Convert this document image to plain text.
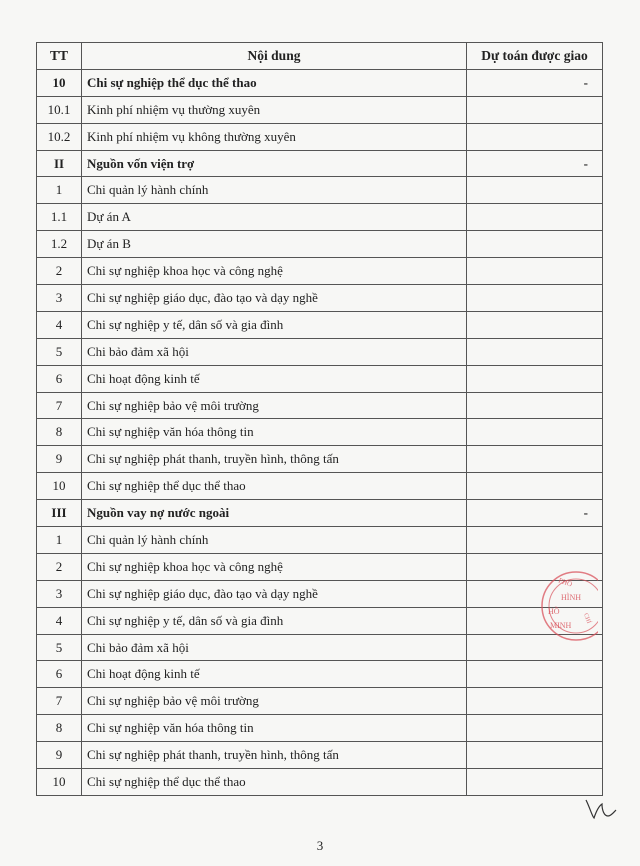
TT	Nội dung	Dự toán được giao
10	Chi sự nghiệp thể dục thể thao	-
10.1	Kinh phí nhiệm vụ thường xuyên	
10.2	Kinh phí nhiệm vụ không thường xuyên	
II	Nguồn vốn viện trợ	-
1	Chi quản lý hành chính	
1.1	Dự án A	
1.2	Dự án B	
2	Chi sự nghiệp khoa học và công nghệ	
3	Chi sự nghiệp giáo dục, đào tạo và dạy nghề	
4	Chi sự nghiệp y tế, dân số và gia đình	
5	Chi bảo đảm xã hội	
6	Chi hoạt động kinh tế	
7	Chi sự nghiệp bảo vệ môi trường	
8	Chi sự nghiệp văn hóa thông tin	
9	Chi sự nghiệp phát thanh, truyền hình, thông tấn	
10	Chi sự nghiệp thể dục thể thao	
III	Nguồn vay nợ nước ngoài	-
1	Chi quản lý hành chính	
2	Chi sự nghiệp khoa học và công nghệ	
3	Chi sự nghiệp giáo dục, đào tạo và dạy nghề	
4	Chi sự nghiệp y tế, dân số và gia đình	
5	Chi bảo đảm xã hội	
6	Chi hoạt động kinh tế	
7	Chi sự nghiệp bảo vệ môi trường	
8	Chi sự nghiệp văn hóa thông tin	
9	Chi sự nghiệp phát thanh, truyền hình, thông tấn	
10	Chi sự nghiệp thể dục thể thao	
PHỐ
HÌNH
HỒ
CHÍ
MINH
3
